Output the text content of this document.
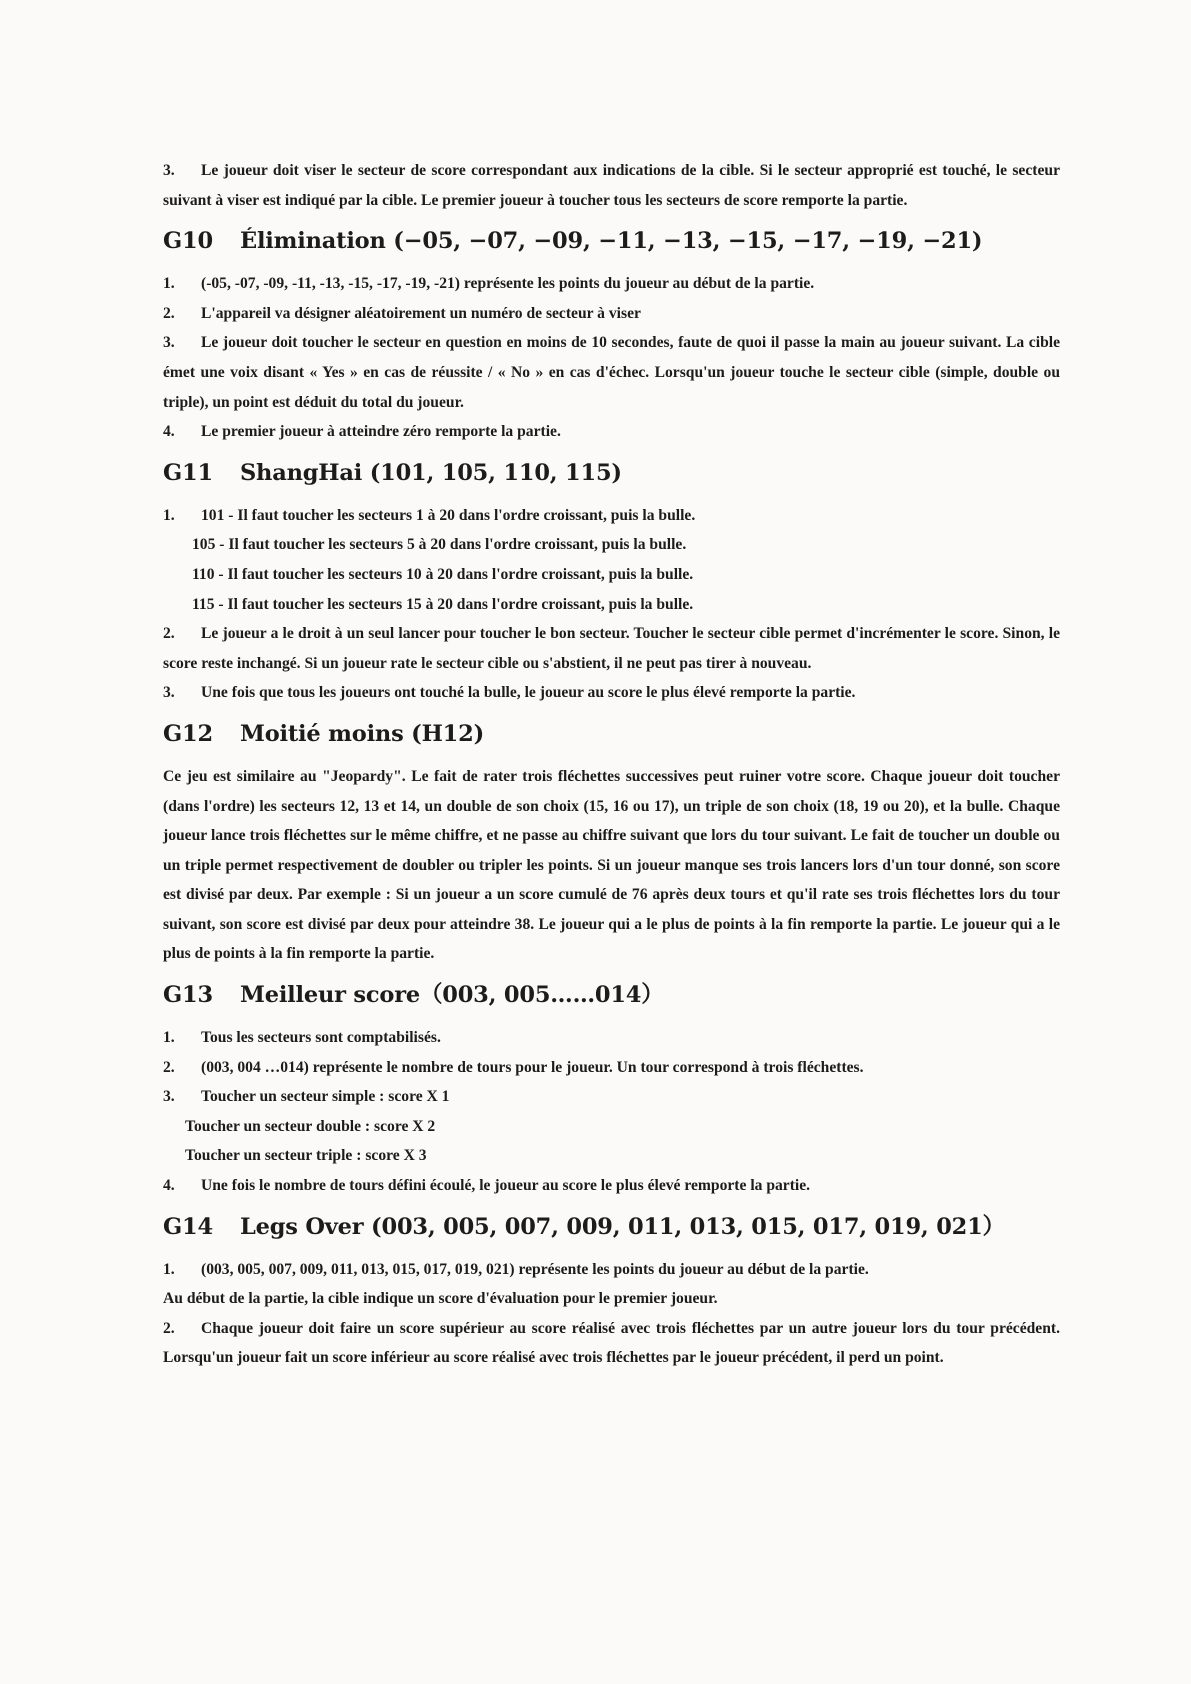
3. Le joueur doit viser le secteur de score correspondant aux indications de la cible. Si le secteur approprié est touché, le secteur suivant à viser est indiqué par la cible. Le premier joueur à toucher tous les secteurs de score remporte la partie.

G10 Élimination (−05, −07, −09, −11, −13, −15, −17, −19, −21)

1. (-05, -07, -09, -11, -13, -15, -17, -19, -21) représente les points du joueur au début de la partie.

2. L'appareil va désigner aléatoirement un numéro de secteur à viser

3. Le joueur doit toucher le secteur en question en moins de 10 secondes, faute de quoi il passe la main au joueur suivant. La cible émet une voix disant « Yes » en cas de réussite / « No » en cas d'échec. Lorsqu'un joueur touche le secteur cible (simple, double ou triple), un point est déduit du total du joueur.

4. Le premier joueur à atteindre zéro remporte la partie.

G11 ShangHai (101, 105, 110, 115)

1. 101 - Il faut toucher les secteurs 1 à 20 dans l'ordre croissant, puis la bulle.

105 - Il faut toucher les secteurs 5 à 20 dans l'ordre croissant, puis la bulle.

110 - Il faut toucher les secteurs 10 à 20 dans l'ordre croissant, puis la bulle.

115 - Il faut toucher les secteurs 15 à 20 dans l'ordre croissant, puis la bulle.

2. Le joueur a le droit à un seul lancer pour toucher le bon secteur. Toucher le secteur cible permet d'incrémenter le score. Sinon, le score reste inchangé. Si un joueur rate le secteur cible ou s'abstient, il ne peut pas tirer à nouveau.

3. Une fois que tous les joueurs ont touché la bulle, le joueur au score le plus élevé remporte la partie.

G12 Moitié moins (H12)

Ce jeu est similaire au "Jeopardy". Le fait de rater trois fléchettes successives peut ruiner votre score. Chaque joueur doit toucher (dans l'ordre) les secteurs 12, 13 et 14, un double de son choix (15, 16 ou 17), un triple de son choix (18, 19 ou 20), et la bulle. Chaque joueur lance trois fléchettes sur le même chiffre, et ne passe au chiffre suivant que lors du tour suivant. Le fait de toucher un double ou un triple permet respectivement de doubler ou tripler les points. Si un joueur manque ses trois lancers lors d'un tour donné, son score est divisé par deux. Par exemple : Si un joueur a un score cumulé de 76 après deux tours et qu'il rate ses trois fléchettes lors du tour suivant, son score est divisé par deux pour atteindre 38. Le joueur qui a le plus de points à la fin remporte la partie. Le joueur qui a le plus de points à la fin remporte la partie.

G13 Meilleur score（003, 005……014）

1. Tous les secteurs sont comptabilisés.

2. (003, 004 …014) représente le nombre de tours pour le joueur. Un tour correspond à trois fléchettes.

3. Toucher un secteur simple : score X 1

Toucher un secteur double : score X 2

Toucher un secteur triple : score X 3

4. Une fois le nombre de tours défini écoulé, le joueur au score le plus élevé remporte la partie.

G14 Legs Over (003, 005, 007, 009, 011, 013, 015, 017, 019, 021）

1. (003, 005, 007, 009, 011, 013, 015, 017, 019, 021) représente les points du joueur au début de la partie.

Au début de la partie, la cible indique un score d'évaluation pour le premier joueur.

2. Chaque joueur doit faire un score supérieur au score réalisé avec trois fléchettes par un autre joueur lors du tour précédent. Lorsqu'un joueur fait un score inférieur au score réalisé avec trois fléchettes par le joueur précédent, il perd un point.
